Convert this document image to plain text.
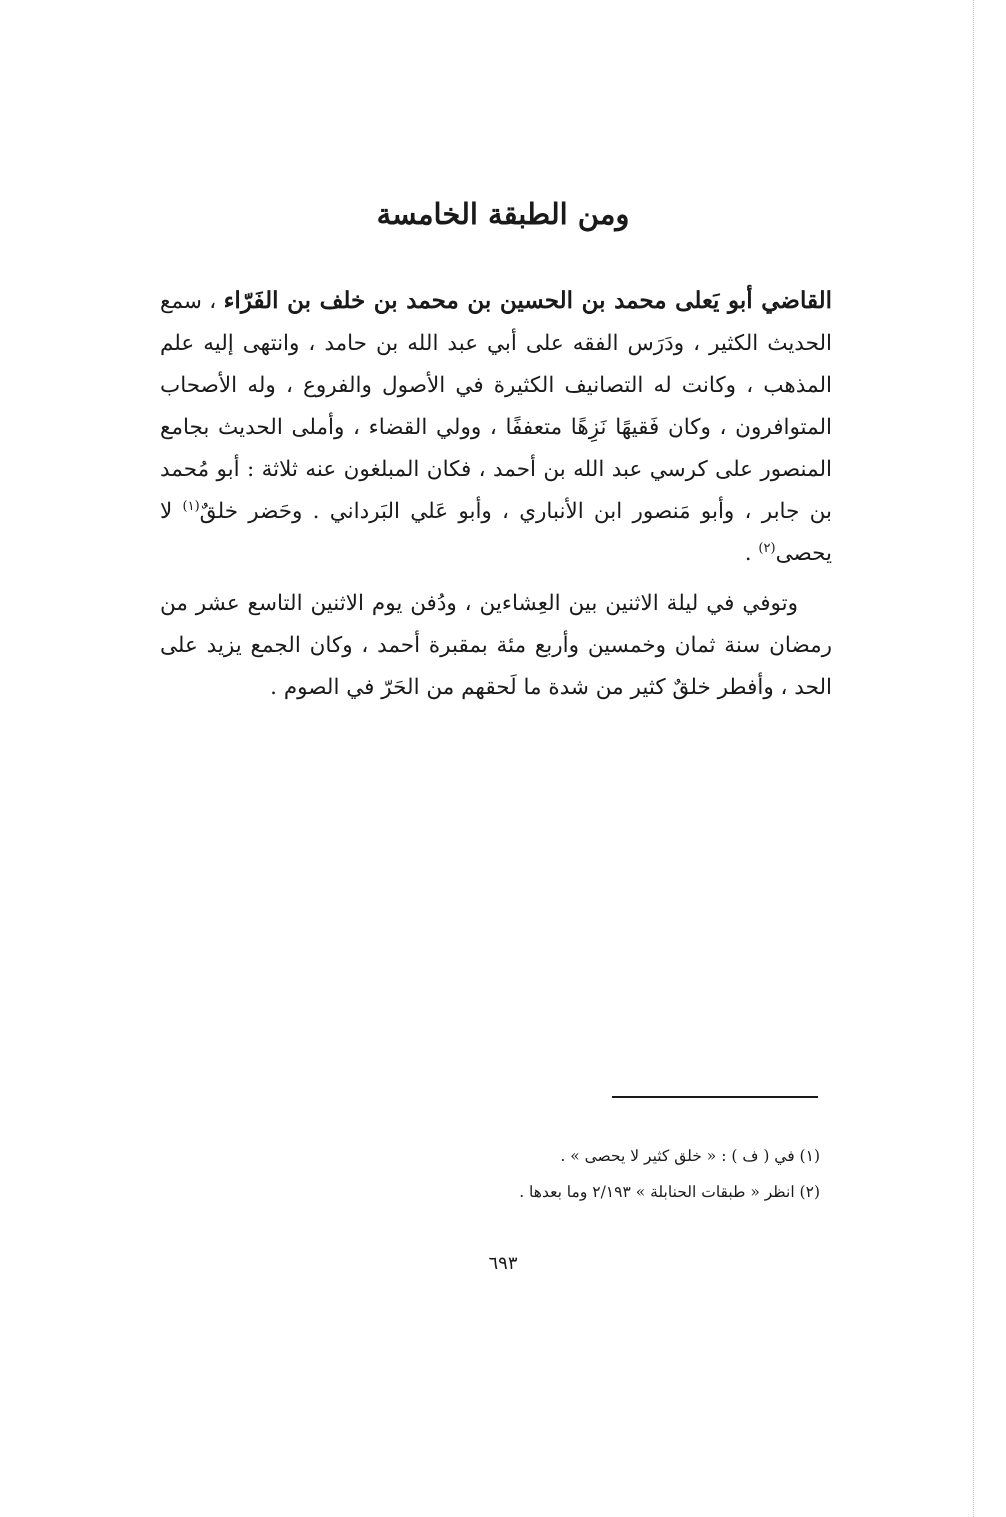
ومن الطبقة الخامسة

القاضي أبو يَعلى محمد بن الحسين بن محمد بن خلف بن الفَرّاء ، سمع الحديث الكثير ، ودَرَس الفقه على أبي عبد الله بن حامد ، وانتهى إليه علم المذهب ، وكانت له التصانيف الكثيرة في الأصول والفروع ، وله الأصحاب المتوافرون ، وكان فَقيهًا نَزِهًا متعففًا ، وولي القضاء ، وأملى الحديث بجامع المنصور على كرسي عبد الله بن أحمد ، فكان المبلغون عنه ثلاثة : أبو مُحمد بن جابر ، وأبو مَنصور ابن الأنباري ، وأبو عَلي البَرداني . وحَضر خلقٌ$^{(١)}$ لا يحصى$^{(٢)}$ .

وتوفي في ليلة الاثنين بين العِشاءين ، ودُفن يوم الاثنين التاسع عشر من رمضان سنة ثمان وخمسين وأربع مئة بمقبرة أحمد ، وكان الجمع يزيد على الحد ، وأفطر خلقٌ كثير من شدة ما لَحقهم من الحَرّ في الصوم .

(١) في ( ف ) : « خلق كثير لا يحصى » .
(٢) انظر « طبقات الحنابلة » ٢/١٩٣ وما بعدها .
٦٩٣
